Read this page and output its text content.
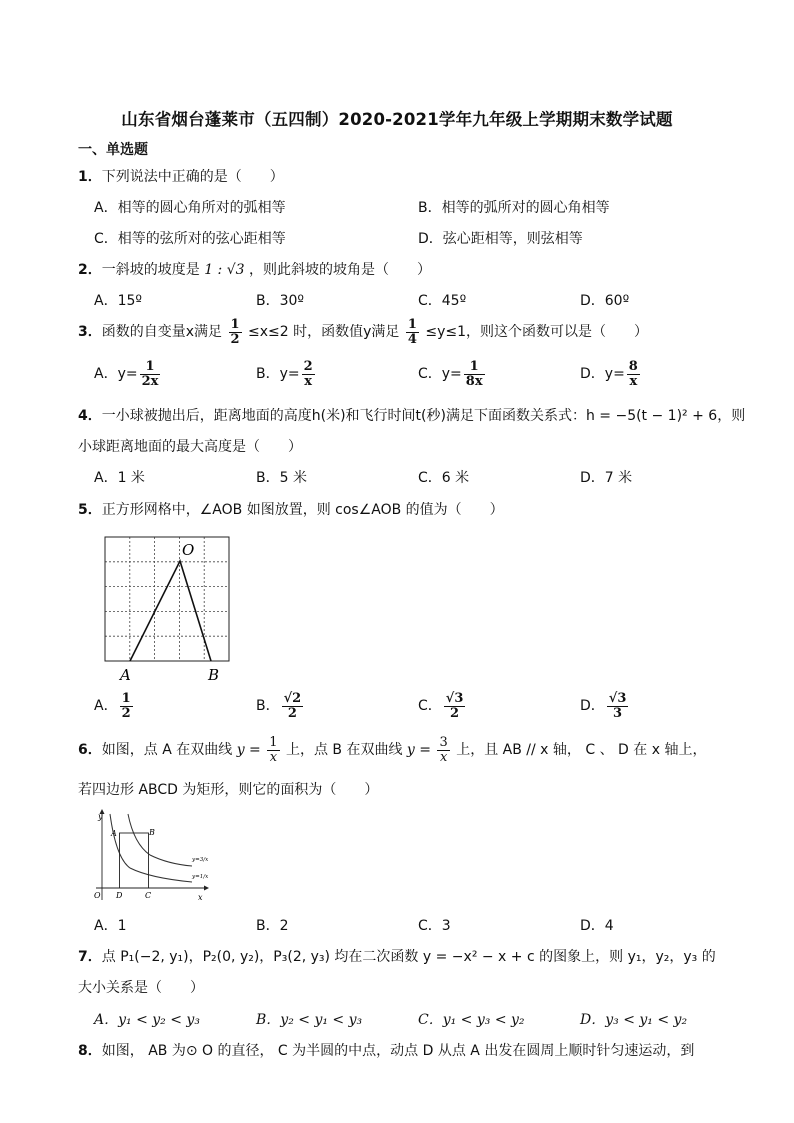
山东省烟台蓬莱市（五四制）2020-2021学年九年级上学期期末数学试题
一、单选题
1．下列说法中正确的是（　　）
A．相等的圆心角所对的弧相等	B．相等的弧所对的圆心角相等
C．相等的弦所对的弦心距相等	D．弦心距相等，则弦相等
2．一斜坡的坡度是 1 : √3 ，则此斜坡的坡角是（　　）
A．15º	B．30º	C．45º	D．60º
3．函数的自变量x满足 $\frac{1}{2} \le x\le 2$ 时，函数值y满足 $\frac{1}{4} \le y\le 1$，则这个函数可以是（　　）
A．$y= \frac{1}{2x}$	B．$y= \frac{2}{x}$	C．$y= \frac{1}{8x}$	D．$y= \frac{8}{x}$
4．一小球被抛出后，距离地面的高度h(米)和飞行时间t(秒)满足下面函数关系式：h = −5(t − 1)² + 6，则
小球距离地面的最大高度是（　　）
A．1 米	B．5 米	C．6 米	D．7 米
5．正方形网格中，∠AOB 如图放置，则 cos∠AOB 的值为（　　）
O
A	B
A． $\frac{1}{2}$	B． $\frac{√2}{2}$	C． $\frac{√3}{2}$	D． $\frac{√3}{3}$
6．如图，点 A 在双曲线 $y = \frac{1}{x}$ 上，点 B 在双曲线 $y = \frac{3}{x}$ 上，且 AB // x 轴， C 、 D 在 x 轴上，
若四边形 ABCD 为矩形，则它的面积为（　　）
y
x
O
A	B
D	C
y=3/x
y=1/x
A．1	B．2	C．3	D．4
7．点 P₁(−2, y₁)，P₂(0, y₂)，P₃(2, y₃) 均在二次函数 y = −x² − x + c 的图象上，则 y₁，y₂，y₃ 的
大小关系是（　　）
A．y₁ < y₂ < y₃	B．y₂ < y₁ < y₃	C．y₁ < y₃ < y₂	D．y₃ < y₁ < y₂
8．如图， AB 为⊙ O 的直径， C 为半圆的中点，动点 D 从点 A 出发在圆周上顺时针匀速运动，到
